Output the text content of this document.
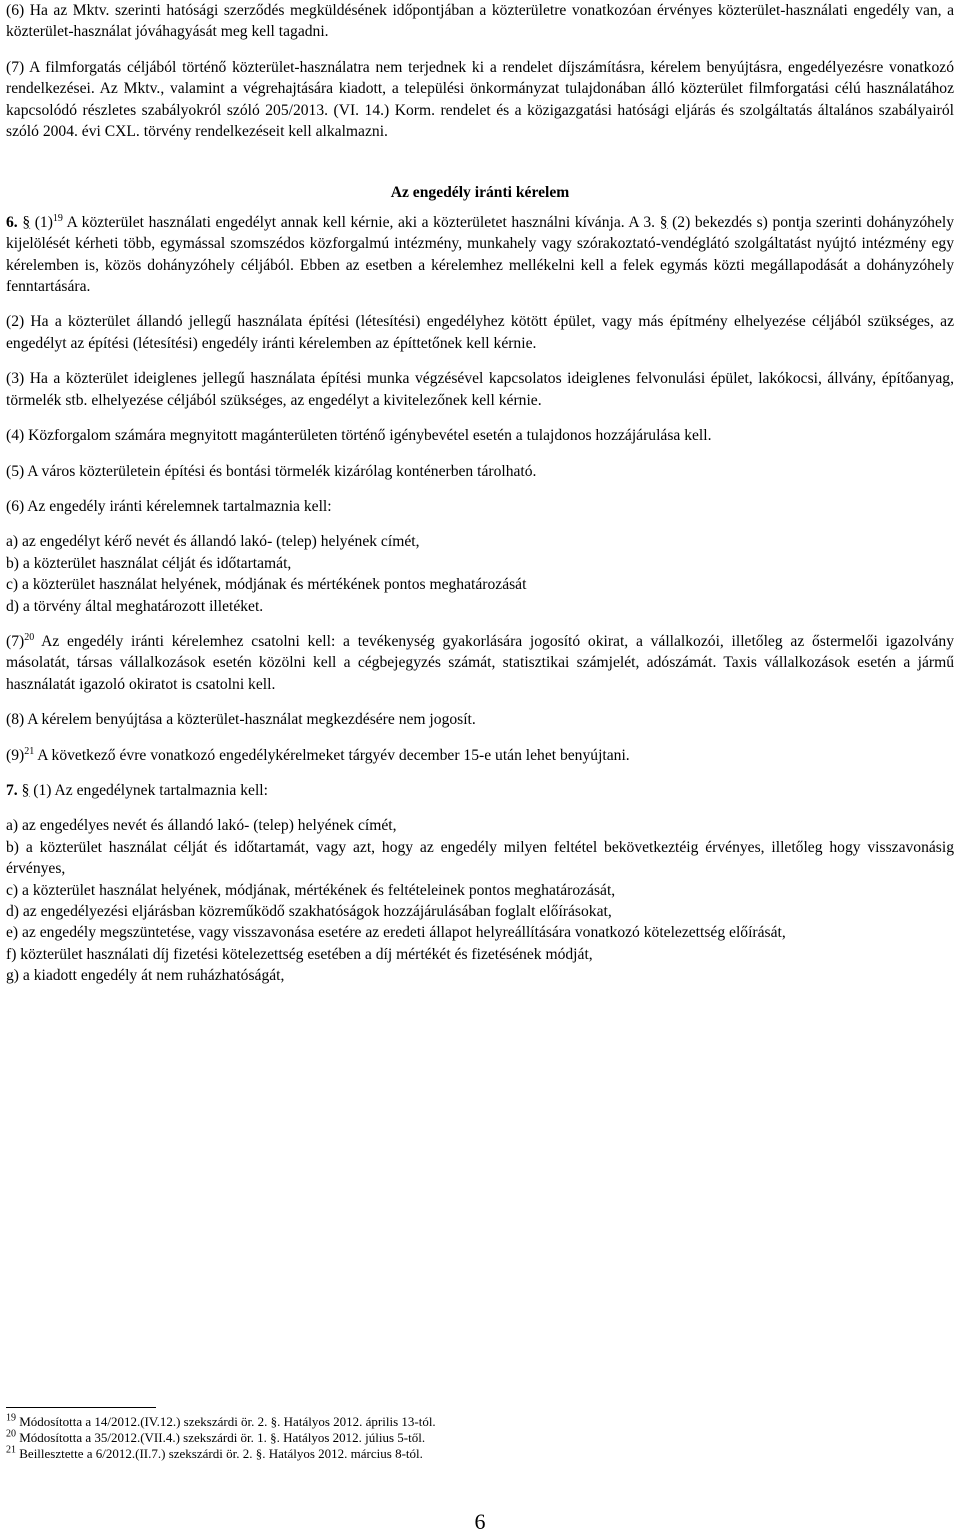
(6) Ha az Mktv. szerinti hatósági szerződés megküldésének időpontjában a közterületre vonatkozóan érvényes közterület-használati engedély van, a közterület-használat jóváhagyását meg kell tagadni.

(7) A filmforgatás céljából történő közterület-használatra nem terjednek ki a rendelet díjszámításra, kérelem benyújtásra, engedélyezésre vonatkozó rendelkezései. Az Mktv., valamint a végrehajtására kiadott, a települési önkormányzat tulajdonában álló közterület filmforgatási célú használatához kapcsolódó részletes szabályokról szóló 205/2013. (VI. 14.) Korm. rendelet és a közigazgatási hatósági eljárás és szolgáltatás általános szabályairól szóló 2004. évi CXL. törvény rendelkezéseit kell alkalmazni.

Az engedély iránti kérelem

6. § $(1)^{19}$ A közterület használati engedélyt annak kell kérnie, aki a közterületet használni kívánja. A 3. § (2) bekezdés s) pontja szerinti dohányzóhely kijelölését kérheti több, egymással szomszédos közforgalmú intézmény, munkahely vagy szórakoztató-vendéglátó szolgáltatást nyújtó intézmény egy kérelemben is, közös dohányzóhely céljából. Ebben az esetben a kérelemhez mellékelni kell a felek egymás közti megállapodását a dohányzóhely fenntartására.

(2) Ha a közterület állandó jellegű használata építési (létesítési) engedélyhez kötött épület, vagy más építmény elhelyezése céljából szükséges, az engedélyt az építési (létesítési) engedély iránti kérelemben az építtetőnek kell kérnie.

(3) Ha a közterület ideiglenes jellegű használata építési munka végzésével kapcsolatos ideiglenes felvonulási épület, lakókocsi, állvány, építőanyag, törmelék stb. elhelyezése céljából szükséges, az engedélyt a kivitelezőnek kell kérnie.

(4) Közforgalom számára megnyitott magánterületen történő igénybevétel esetén a tulajdonos hozzájárulása kell.

(5) A város közterületein építési és bontási törmelék kizárólag konténerben tárolható.

(6) Az engedély iránti kérelemnek tartalmaznia kell:

a) az engedélyt kérő nevét és állandó lakó- (telep) helyének címét,

b) a közterület használat célját és időtartamát,

c) a közterület használat helyének, módjának és mértékének pontos meghatározását

d) a törvény által meghatározott illetéket.

$(7)^{20}$ Az engedély iránti kérelemhez csatolni kell: a tevékenység gyakorlására jogosító okirat, a vállalkozói, illetőleg az őstermelői igazolvány másolatát, társas vállalkozások esetén közölni kell a cégbejegyzés számát, statisztikai számjelét, adószámát. Taxis vállalkozások esetén a jármű használatát igazoló okiratot is csatolni kell.

(8) A kérelem benyújtása a közterület-használat megkezdésére nem jogosít.

$(9)^{21}$ A következő évre vonatkozó engedélykérelmeket tárgyév december 15-e után lehet benyújtani.

7. § (1) Az engedélynek tartalmaznia kell:

a) az engedélyes nevét és állandó lakó- (telep) helyének címét,

b) a közterület használat célját és időtartamát, vagy azt, hogy az engedély milyen feltétel bekövetkeztéig érvényes, illetőleg hogy visszavonásig érvényes,

c) a közterület használat helyének, módjának, mértékének és feltételeinek pontos meghatározását,

d) az engedélyezési eljárásban közreműködő szakhatóságok hozzájárulásában foglalt előírásokat,

e) az engedély megszüntetése, vagy visszavonása esetére az eredeti állapot helyreállítására vonatkozó kötelezettség előírását,

f) közterület használati díj fizetési kötelezettség esetében a díj mértékét és fizetésének módját,

g) a kiadott engedély át nem ruházhatóságát,

$^{19}$ Módosította a 14/2012.(IV.12.) szekszárdi ör. 2. §. Hatályos 2012. április 13-tól.

$^{20}$ Módosította a 35/2012.(VII.4.) szekszárdi ör. 1. §. Hatályos 2012. július 5-től.

$^{21}$ Beillesztette a 6/2012.(II.7.) szekszárdi ör. 2. §. Hatályos 2012. március 8-tól.

6
